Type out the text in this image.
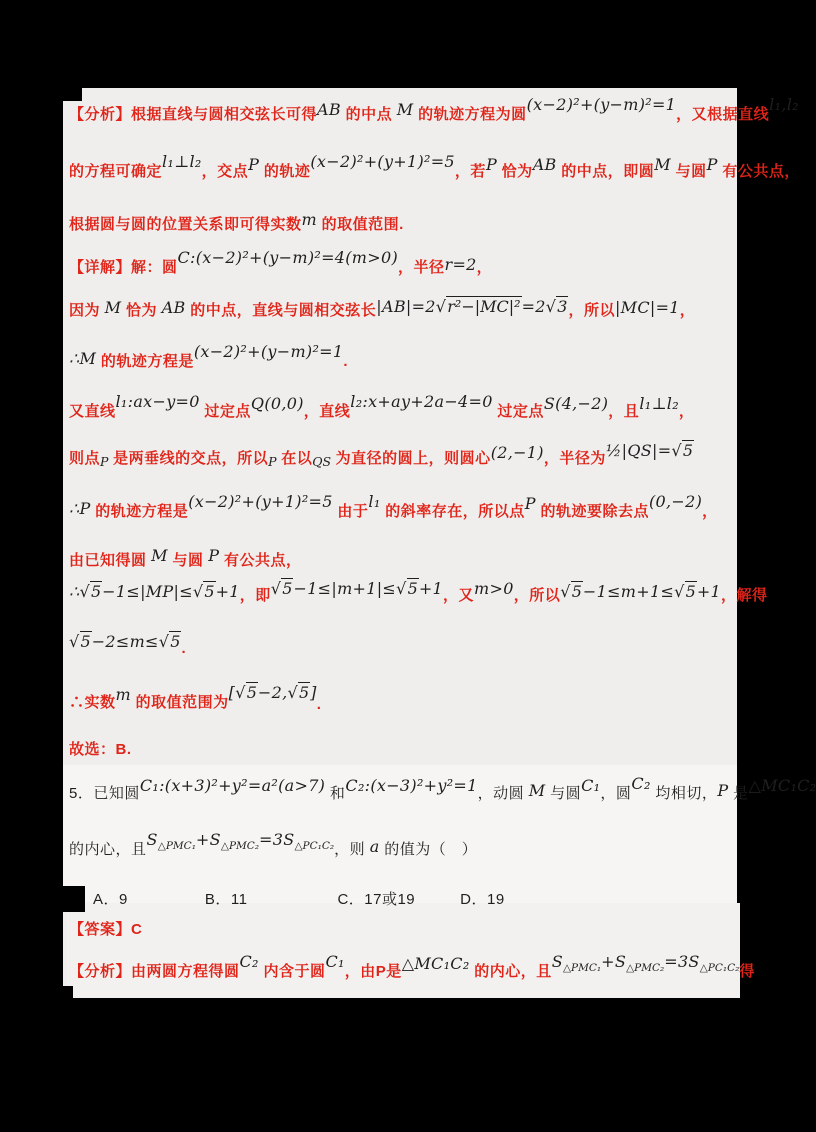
【分析】根据直线与圆相交弦长可得AB 的中点 M 的轨迹方程为圆(x−2)²+(y−m)²=1，又根据直线l₁,l₂
的方程可确定l₁⊥l₂，交点P 的轨迹(x−2)²+(y+1)²=5，若P 恰为AB 的中点，即圆M 与圆P 有公共点，
根据圆与圆的位置关系即可得实数m 的取值范围.
【详解】解：圆C:(x−2)²+(y−m)²=4(m>0)，半径r=2，
因为 M 恰为 AB 的中点，直线与圆相交弦长|AB|=2√r²−|MC|²=2√3，所以|MC|=1，
∴M 的轨迹方程是(x−2)²+(y−m)²=1.
又直线l₁:ax−y=0 过定点Q(0,0)，直线l₂:x+ay+2a−4=0 过定点S(4,−2)，且l₁⊥l₂，
则点P 是两垂线的交点，所以P 在以QS 为直径的圆上，则圆心(2,−1)，半径为½|QS|=√5
∴P 的轨迹方程是(x−2)²+(y+1)²=5 由于l₁ 的斜率存在，所以点P 的轨迹要除去点(0,−2)，
由已知得圆 M 与圆 P 有公共点，
∴√5−1≤|MP|≤√5+1，即√5−1≤|m+1|≤√5+1，又m>0，所以√5−1≤m+1≤√5+1，解得
√5−2≤m≤√5.
∴实数m 的取值范围为[√5−2,√5].
故选：B.
5．已知圆C₁:(x+3)²+y²=a²(a>7) 和C₂:(x−3)²+y²=1，动圆 M 与圆C₁，圆C₂ 均相切，P 是△MC₁C₂
的内心，且S△PMC₁+S△PMC₂=3S△PC₁C₂，则 a 的值为（　）
A．9	B．11	C．17或19	D．19
【答案】C
【分析】由两圆方程得圆C₂ 内含于圆C₁，由P是△MC₁C₂ 的内心，且S△PMC₁+S△PMC₂=3S△PC₁C₂得
